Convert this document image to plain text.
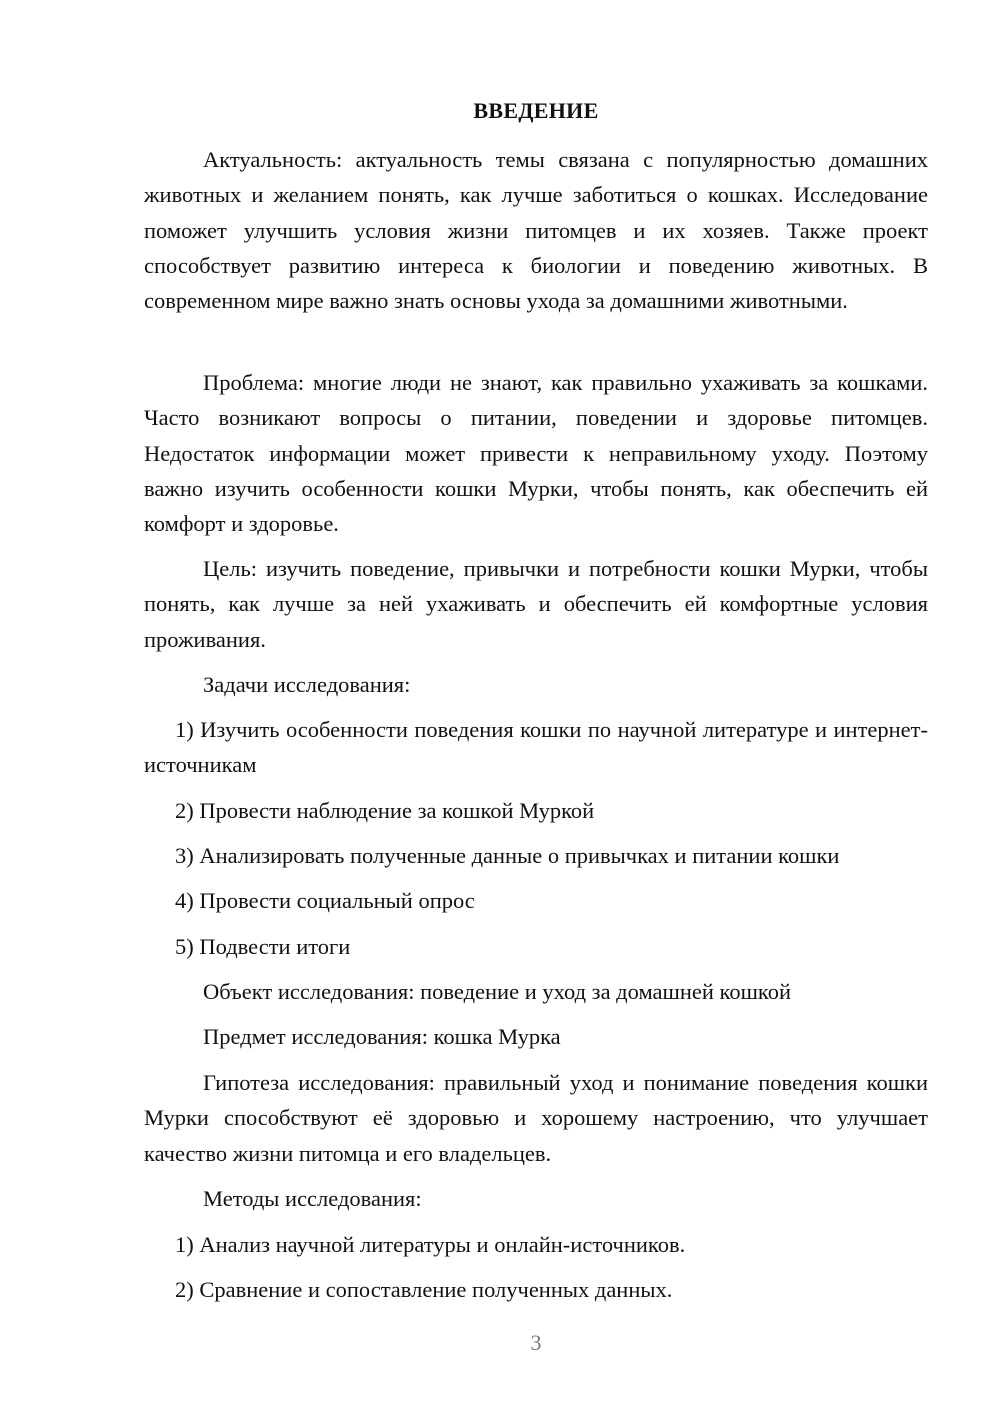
ВВЕДЕНИЕ

Актуальность: актуальность темы связана с популярностью домашних животных и желанием понять, как лучше заботиться о кошках. Исследование поможет улучшить условия жизни питомцев и их хозяев. Также проект способствует развитию интереса к биологии и поведению животных. В современном мире важно знать основы ухода за домашними животными.

Проблема: многие люди не знают, как правильно ухаживать за кошками. Часто возникают вопросы о питании, поведении и здоровье питомцев. Недостаток информации может привести к неправильному уходу. Поэтому важно изучить особенности кошки Мурки, чтобы понять, как обеспечить ей комфорт и здоровье.

Цель: изучить поведение, привычки и потребности кошки Мурки, чтобы понять, как лучше за ней ухаживать и обеспечить ей комфортные условия проживания.

Задачи исследования:

1) Изучить особенности поведения кошки по научной литературе и интернет-источникам

2) Провести наблюдение за кошкой Муркой

3) Анализировать полученные данные о привычках и питании кошки

4) Провести социальный опрос

5) Подвести итоги

Объект исследования: поведение и уход за домашней кошкой

Предмет исследования: кошка Мурка

Гипотеза исследования: правильный уход и понимание поведения кошки Мурки способствуют её здоровью и хорошему настроению, что улучшает качество жизни питомца и его владельцев.

Методы исследования:

1) Анализ научной литературы и онлайн-источников.

2) Сравнение и сопоставление полученных данных.

3
